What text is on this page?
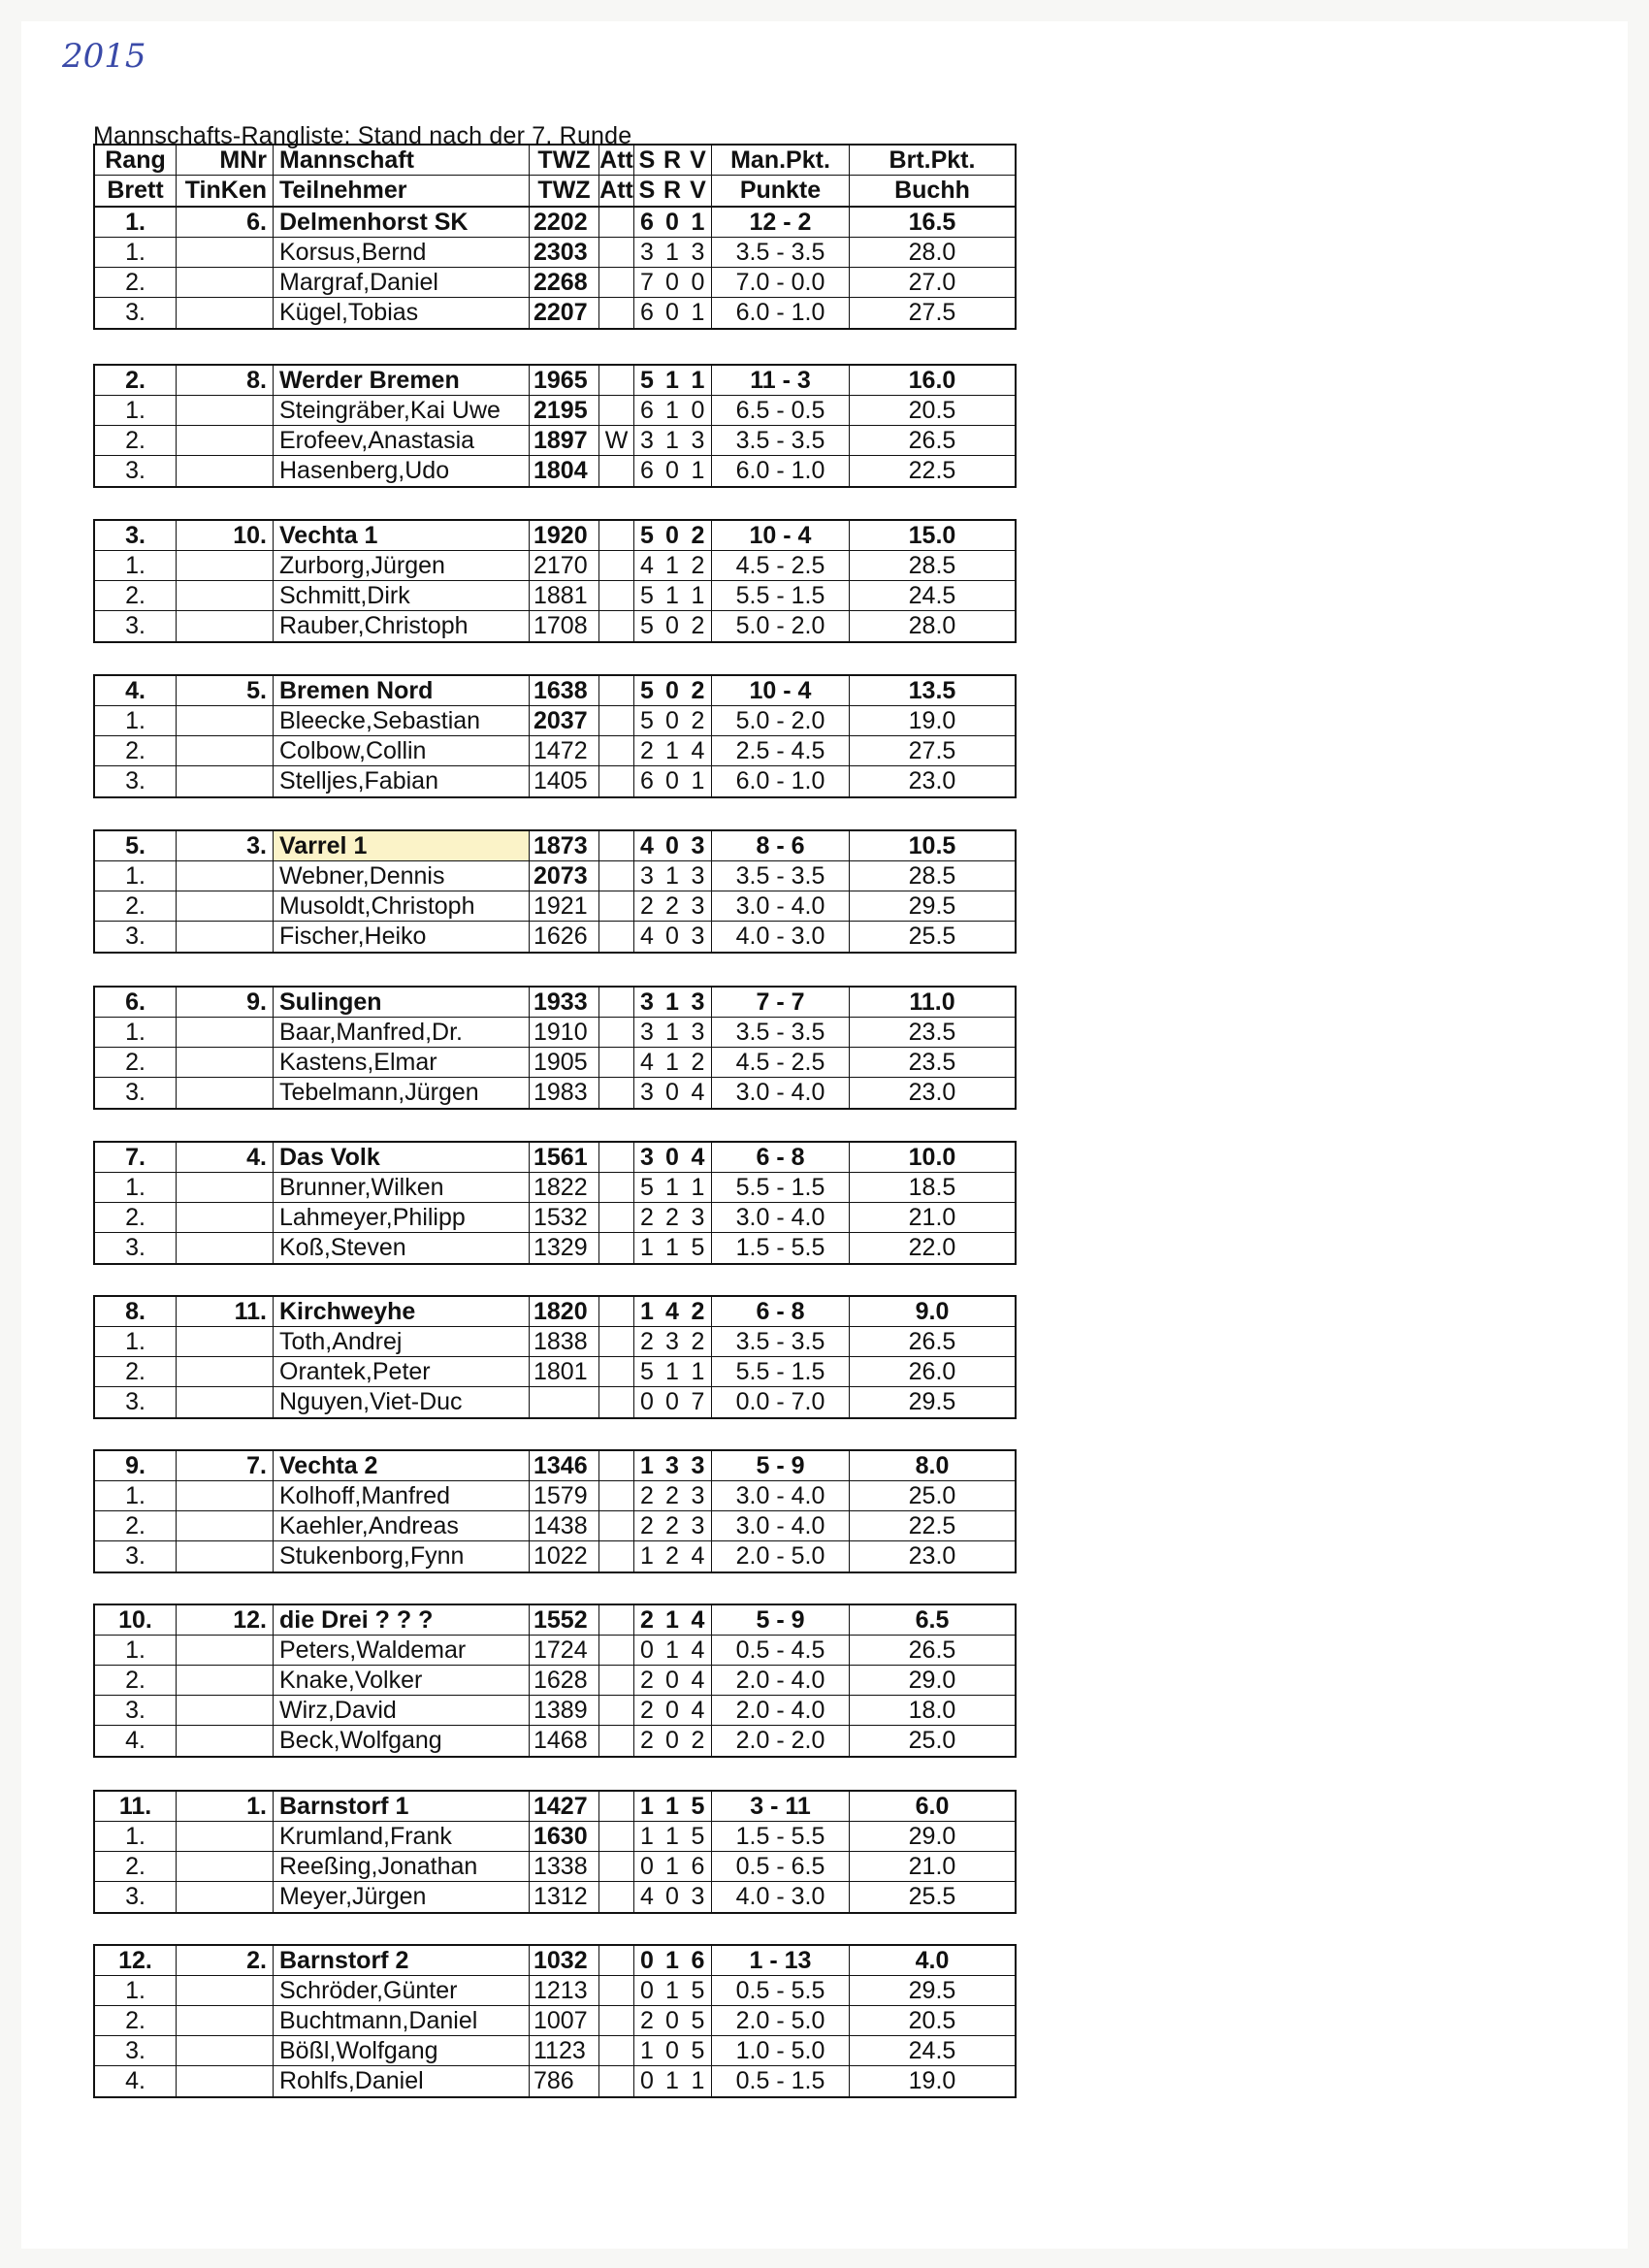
2015
Mannschafts-Rangliste: Stand nach der 7. Runde
Rang	MNr Mannschaft	TWZ Att S R V	Man.Pkt.	Brt.Pkt.
Brett TinKen Teilnehmer	TWZ Att S R V	Punkte	Buchh
1.	6. Delmenhorst SK	2202	6 0 1	12 - 2	16.5
1.	Korsus,Bernd	2303	3 1 3	3.5 - 3.5	28.0
2.	Margraf,Daniel	2268	7 0 0	7.0 - 0.0	27.0
3.	Kügel,Tobias	2207	6 0 1	6.0 - 1.0	27.5
2.	8. Werder Bremen	1965	5 1 1	11 - 3	16.0
1.	Steingräber,Kai Uwe	2195	6 1 0	6.5 - 0.5	20.5
2.	Erofeev,Anastasia	1897 W 3 1 3	3.5 - 3.5	26.5
3.	Hasenberg,Udo	1804	6 0 1	6.0 - 1.0	22.5
3.	10. Vechta 1	1920	5 0 2	10 - 4	15.0
1.	Zurborg,Jürgen	2170	4 1 2	4.5 - 2.5	28.5
2.	Schmitt,Dirk	1881	5 1 1	5.5 - 1.5	24.5
3.	Rauber,Christoph	1708	5 0 2	5.0 - 2.0	28.0
4.	5. Bremen Nord	1638	5 0 2	10 - 4	13.5
1.	Bleecke,Sebastian	2037	5 0 2	5.0 - 2.0	19.0
2.	Colbow,Collin	1472	2 1 4	2.5 - 4.5	27.5
3.	Stelljes,Fabian	1405	6 0 1	6.0 - 1.0	23.0
5.	3. Varrel 1	1873	4 0 3	8 - 6	10.5
1.	Webner,Dennis	2073	3 1 3	3.5 - 3.5	28.5
2.	Musoldt,Christoph	1921	2 2 3	3.0 - 4.0	29.5
3.	Fischer,Heiko	1626	4 0 3	4.0 - 3.0	25.5
6.	9. Sulingen	1933	3 1 3	7 - 7	11.0
1.	Baar,Manfred,Dr.	1910	3 1 3	3.5 - 3.5	23.5
2.	Kastens,Elmar	1905	4 1 2	4.5 - 2.5	23.5
3.	Tebelmann,Jürgen	1983	3 0 4	3.0 - 4.0	23.0
7.	4. Das Volk	1561	3 0 4	6 - 8	10.0
1.	Brunner,Wilken	1822	5 1 1	5.5 - 1.5	18.5
2.	Lahmeyer,Philipp	1532	2 2 3	3.0 - 4.0	21.0
3.	Koß,Steven	1329	1 1 5	1.5 - 5.5	22.0
8.	11. Kirchweyhe	1820	1 4 2	6 - 8	9.0
1.	Toth,Andrej	1838	2 3 2	3.5 - 3.5	26.5
2.	Orantek,Peter	1801	5 1 1	5.5 - 1.5	26.0
3.	Nguyen,Viet-Duc	0 0 7	0.0 - 7.0	29.5
9.	7. Vechta 2	1346	1 3 3	5 - 9	8.0
1.	Kolhoff,Manfred	1579	2 2 3	3.0 - 4.0	25.0
2.	Kaehler,Andreas	1438	2 2 3	3.0 - 4.0	22.5
3.	Stukenborg,Fynn	1022	1 2 4	2.0 - 5.0	23.0
10.	12. die Drei ? ? ?	1552	2 1 4	5 - 9	6.5
1.	Peters,Waldemar	1724	0 1 4	0.5 - 4.5	26.5
2.	Knake,Volker	1628	2 0 4	2.0 - 4.0	29.0
3.	Wirz,David	1389	2 0 4	2.0 - 4.0	18.0
4.	Beck,Wolfgang	1468	2 0 2	2.0 - 2.0	25.0
11.	1. Barnstorf 1	1427	1 1 5	3 - 11	6.0
1.	Krumland,Frank	1630	1 1 5	1.5 - 5.5	29.0
2.	Reeßing,Jonathan	1338	0 1 6	0.5 - 6.5	21.0
3.	Meyer,Jürgen	1312	4 0 3	4.0 - 3.0	25.5
12.	2. Barnstorf 2	1032	0 1 6	1 - 13	4.0
1.	Schröder,Günter	1213	0 1 5	0.5 - 5.5	29.5
2.	Buchtmann,Daniel	1007	2 0 5	2.0 - 5.0	20.5
3.	Bößl,Wolfgang	1123	1 0 5	1.0 - 5.0	24.5
4.	Rohlfs,Daniel	786	0 1 1	0.5 - 1.5	19.0
